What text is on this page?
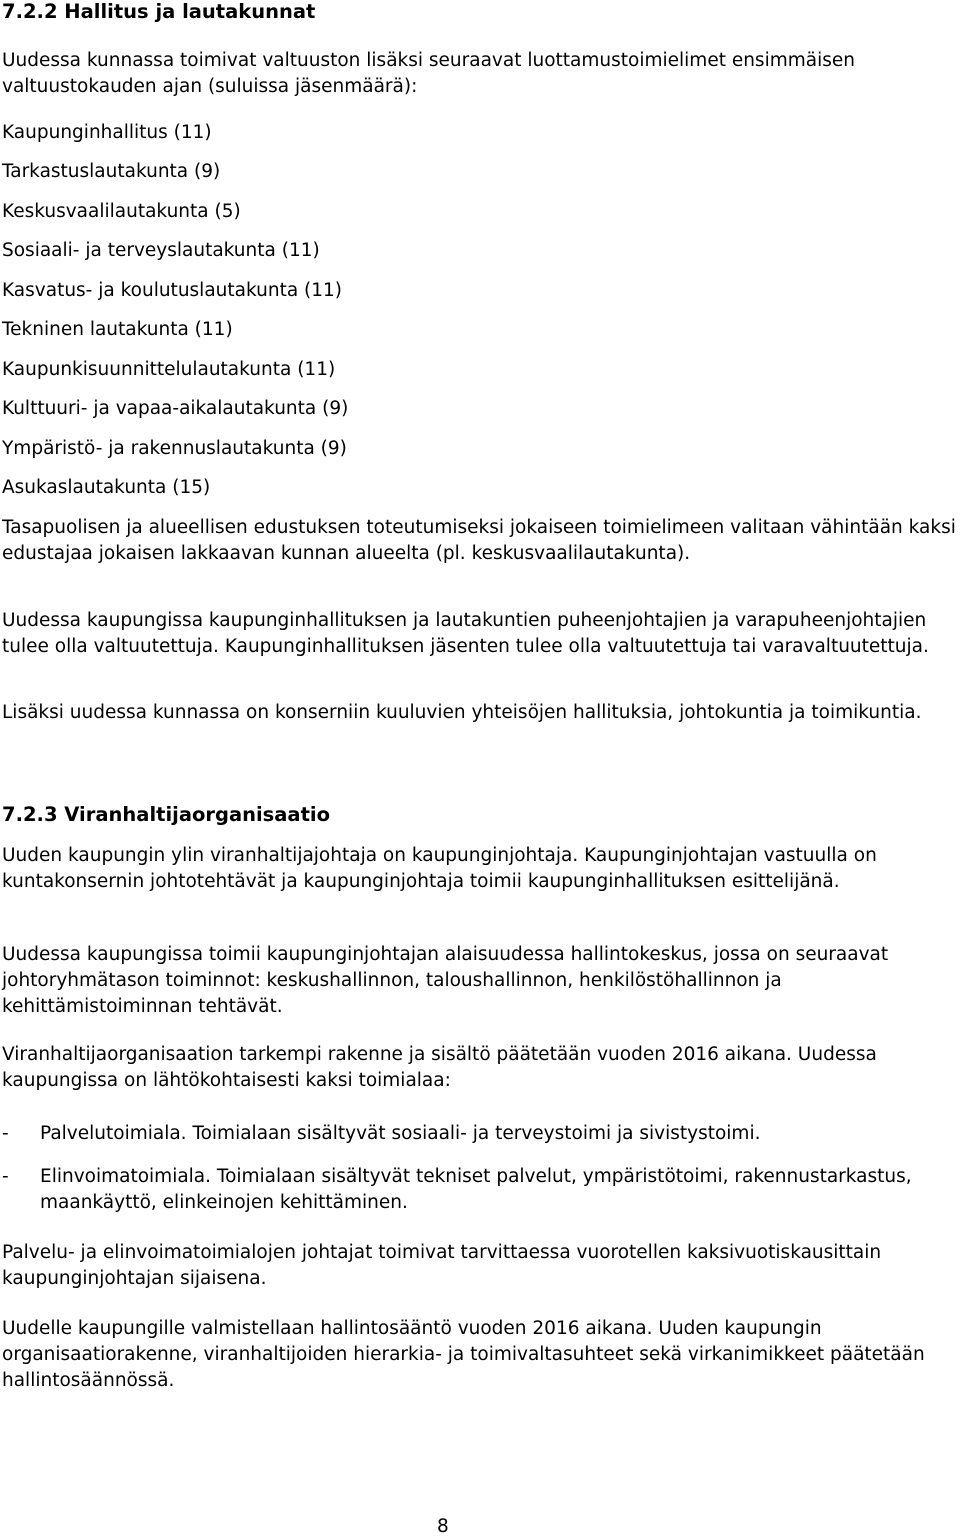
7.2.2 Hallitus ja lautakunnat

Uudessa kunnassa toimivat valtuuston lisäksi seuraavat luottamustoimielimet ensimmäisen valtuustokauden ajan (suluissa jäsenmäärä):

Kaupunginhallitus (11)

Tarkastuslautakunta (9)

Keskusvaalilautakunta (5)

Sosiaali- ja terveyslautakunta (11)

Kasvatus- ja koulutuslautakunta (11)

Tekninen lautakunta (11)

Kaupunkisuunnittelulautakunta (11)

Kulttuuri- ja vapaa-aikalautakunta (9)

Ympäristö- ja rakennuslautakunta (9)

Asukaslautakunta (15)

Tasapuolisen ja alueellisen edustuksen toteutumiseksi jokaiseen toimielimeen valitaan vähintään kaksi edustajaa jokaisen lakkaavan kunnan alueelta (pl. keskusvaalilautakunta).

Uudessa kaupungissa kaupunginhallituksen ja lautakuntien puheenjohtajien ja varapuheenjohtajien tulee olla valtuutettuja. Kaupunginhallituksen jäsenten tulee olla valtuutettuja tai varavaltuutettuja.

Lisäksi uudessa kunnassa on konserniin kuuluvien yhteisöjen hallituksia, johtokuntia ja toimikuntia.

7.2.3 Viranhaltijaorganisaatio

Uuden kaupungin ylin viranhaltijajohtaja on kaupunginjohtaja. Kaupunginjohtajan vastuulla on kuntakonsernin johtotehtävät ja kaupunginjohtaja toimii kaupunginhallituksen esittelijänä.

Uudessa kaupungissa toimii kaupunginjohtajan alaisuudessa hallintokeskus, jossa on seuraavat johtoryhmätason toiminnot: keskushallinnon, taloushallinnon, henkilöstöhallinnon ja kehittämistoiminnan tehtävät.

Viranhaltijaorganisaation tarkempi rakenne ja sisältö päätetään vuoden 2016 aikana. Uudessa kaupungissa on lähtökohtaisesti kaksi toimialaa:

- Palvelutoimiala. Toimialaan sisältyvät sosiaali- ja terveystoimi ja sivistystoimi.
- Elinvoimatoimiala. Toimialaan sisältyvät tekniset palvelut, ympäristötoimi, rakennustarkastus, maankäyttö, elinkeinojen kehittäminen.

Palvelu- ja elinvoimatoimialojen johtajat toimivat tarvittaessa vuorotellen kaksivuotiskausittain kaupunginjohtajan sijaisena.

Uudelle kaupungille valmistellaan hallintosääntö vuoden 2016 aikana. Uuden kaupungin organisaatiorakenne, viranhaltijoiden hierarkia- ja toimivaltasuhteet sekä virkanimikkeet päätetään hallintosäännössä.

8
